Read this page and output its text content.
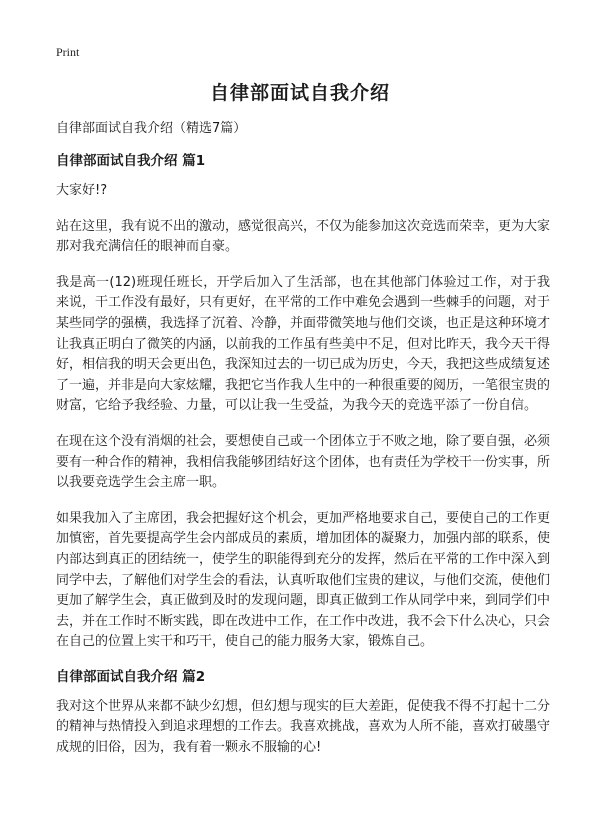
Print
自律部面试自我介绍

自律部面试自我介绍（精选7篇）

自律部面试自我介绍 篇1

大家好!?

站在这里，我有说不出的激动，感觉很高兴，不仅为能参加这次竞选而荣幸，更为大家那对我充满信任的眼神而自豪。

我是高一(12)班现任班长，开学后加入了生活部，也在其他部门体验过工作，对于我来说，干工作没有最好，只有更好，在平常的工作中难免会遇到一些棘手的问题，对于某些同学的强横，我选择了沉着、冷静，并面带微笑地与他们交谈，也正是这种环境才让我真正明白了微笑的内涵，以前我的工作虽有些美中不足，但对比昨天，我今天干得好，相信我的明天会更出色，我深知过去的一切已成为历史，今天，我把这些成绩复述了一遍，并非是向大家炫耀，我把它当作我人生中的一种很重要的阅历，一笔很宝贵的财富，它给予我经验、力量，可以让我一生受益，为我今天的竞选平添了一份自信。

在现在这个没有消烟的社会，要想使自己或一个团体立于不败之地，除了要自强，必须要有一种合作的精神，我相信我能够团结好这个团体，也有责任为学校干一份实事，所以我要竞选学生会主席一职。

如果我加入了主席团，我会把握好这个机会，更加严格地要求自己，要使自己的工作更加慎密，首先要提高学生会内部成员的素质，增加团体的凝聚力，加强内部的联系，使内部达到真正的团结统一，使学生的职能得到充分的发挥，然后在平常的工作中深入到同学中去，了解他们对学生会的看法，认真听取他们宝贵的建议，与他们交流，使他们更加了解学生会，真正做到及时的发现问题，即真正做到工作从同学中来，到同学们中去，并在工作时不断实践，即在改进中工作，在工作中改进，我不会下什么决心，只会在自己的位置上实干和巧干，使自己的能力服务大家，锻炼自己。

自律部面试自我介绍 篇2

我对这个世界从来都不缺少幻想，但幻想与现实的巨大差距，促使我不得不打起十二分的精神与热情投入到追求理想的工作去。我喜欢挑战，喜欢为人所不能，喜欢打破墨守成规的旧俗，因为，我有着一颗永不服输的心!
